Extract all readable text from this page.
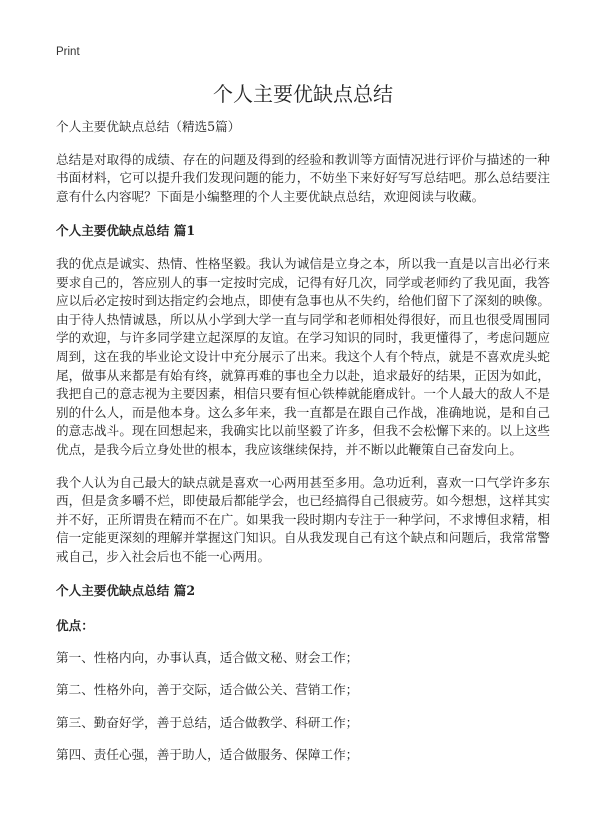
Print
个人主要优缺点总结

个人主要优缺点总结（精选5篇）

总结是对取得的成绩、存在的问题及得到的经验和教训等方面情况进行评价与描述的一种书面材料，它可以提升我们发现问题的能力，不妨坐下来好好写写总结吧。那么总结要注意有什么内容呢？下面是小编整理的个人主要优缺点总结，欢迎阅读与收藏。

个人主要优缺点总结 篇1

我的优点是诚实、热情、性格坚毅。我认为诚信是立身之本，所以我一直是以言出必行来要求自己的，答应别人的事一定按时完成，记得有好几次，同学或老师约了我见面，我答应以后必定按时到达指定约会地点，即使有急事也从不失约，给他们留下了深刻的映像。由于待人热情诚恳，所以从小学到大学一直与同学和老师相处得很好，而且也很受周围同学的欢迎，与许多同学建立起深厚的友谊。在学习知识的同时，我更懂得了，考虑问题应周到，这在我的毕业论文设计中充分展示了出来。我这个人有个特点，就是不喜欢虎头蛇尾，做事从来都是有始有终，就算再难的事也全力以赴，追求最好的结果，正因为如此，我把自己的意志视为主要因素，相信只要有恒心铁棒就能磨成针。一个人最大的敌人不是别的什么人，而是他本身。这么多年来，我一直都是在跟自己作战，准确地说，是和自己的意志战斗。现在回想起来，我确实比以前坚毅了许多，但我不会松懈下来的。以上这些优点，是我今后立身处世的根本，我应该继续保持，并不断以此鞭策自己奋发向上。

我个人认为自己最大的缺点就是喜欢一心两用甚至多用。急功近利，喜欢一口气学许多东西，但是贪多嚼不烂，即使最后都能学会，也已经搞得自己很疲劳。如今想想，这样其实并不好，正所谓贵在精而不在广。如果我一段时期内专注于一种学问，不求博但求精，相信一定能更深刻的理解并掌握这门知识。自从我发现自己有这个缺点和问题后，我常常警戒自己，步入社会后也不能一心两用。

个人主要优缺点总结 篇2
优点：
第一、性格内向，办事认真，适合做文秘、财会工作；
第二、性格外向，善于交际，适合做公关、营销工作；
第三、勤奋好学，善于总结，适合做教学、科研工作；
第四、责任心强，善于助人，适合做服务、保障工作；
